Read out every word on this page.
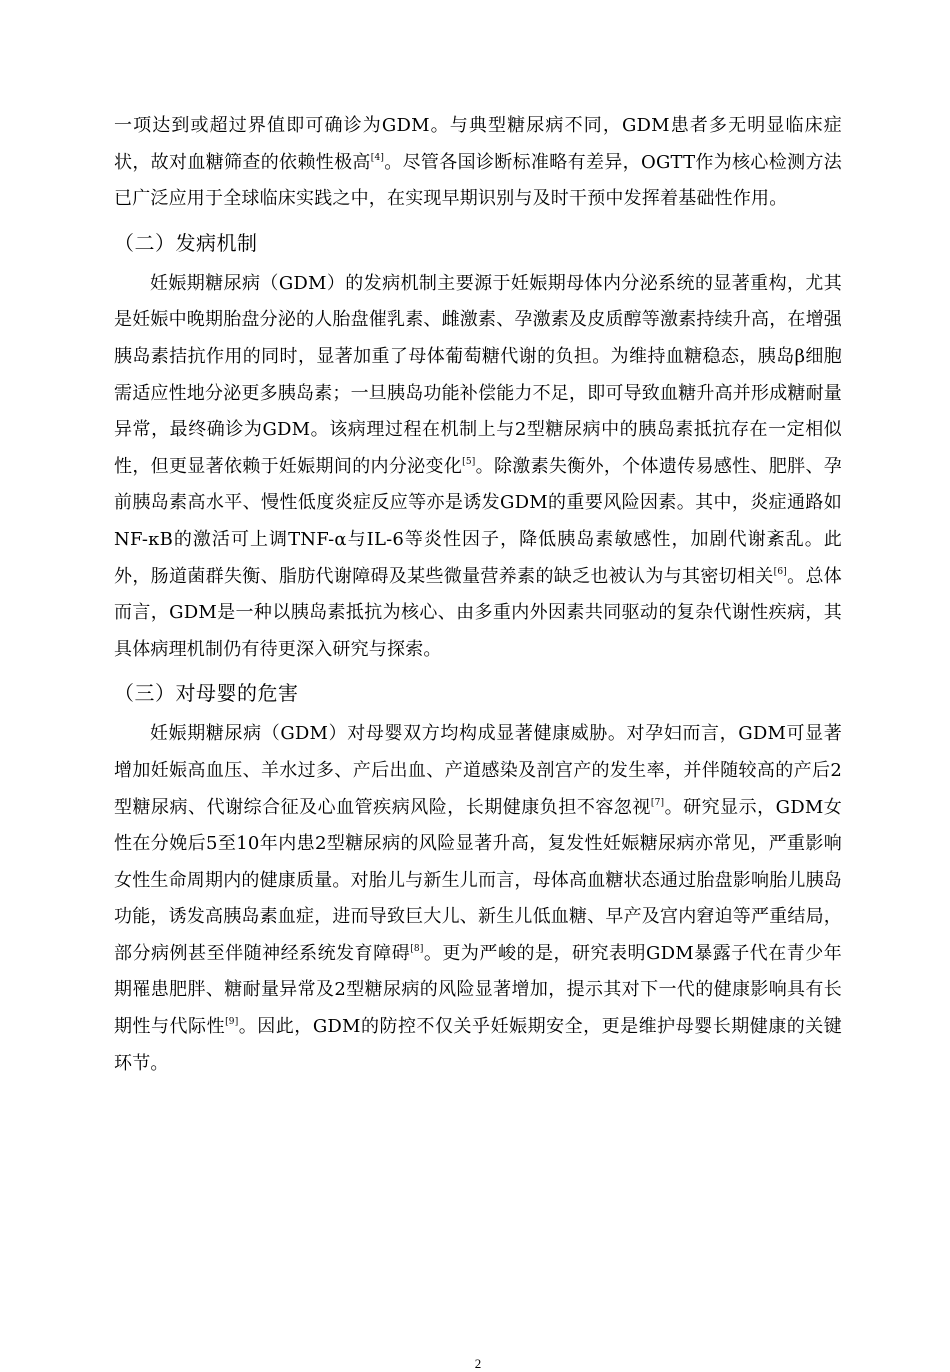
一项达到或超过界值即可确诊为GDM。与典型糖尿病不同，GDM患者多无明显临床症状，故对血糖筛查的依赖性极高[4]。尽管各国诊断标准略有差异，OGTT作为核心检测方法已广泛应用于全球临床实践之中，在实现早期识别与及时干预中发挥着基础性作用。

（二）发病机制

妊娠期糖尿病（GDM）的发病机制主要源于妊娠期母体内分泌系统的显著重构，尤其是妊娠中晚期胎盘分泌的人胎盘催乳素、雌激素、孕激素及皮质醇等激素持续升高，在增强胰岛素拮抗作用的同时，显著加重了母体葡萄糖代谢的负担。为维持血糖稳态，胰岛β细胞需适应性地分泌更多胰岛素；一旦胰岛功能补偿能力不足，即可导致血糖升高并形成糖耐量异常，最终确诊为GDM。该病理过程在机制上与2型糖尿病中的胰岛素抵抗存在一定相似性，但更显著依赖于妊娠期间的内分泌变化[5]。除激素失衡外，个体遗传易感性、肥胖、孕前胰岛素高水平、慢性低度炎症反应等亦是诱发GDM的重要风险因素。其中，炎症通路如NF-κB的激活可上调TNF-α与IL-6等炎性因子，降低胰岛素敏感性，加剧代谢紊乱。此外，肠道菌群失衡、脂肪代谢障碍及某些微量营养素的缺乏也被认为与其密切相关[6]。总体而言，GDM是一种以胰岛素抵抗为核心、由多重内外因素共同驱动的复杂代谢性疾病，其具体病理机制仍有待更深入研究与探索。

（三）对母婴的危害

妊娠期糖尿病（GDM）对母婴双方均构成显著健康威胁。对孕妇而言，GDM可显著增加妊娠高血压、羊水过多、产后出血、产道感染及剖宫产的发生率，并伴随较高的产后2型糖尿病、代谢综合征及心血管疾病风险，长期健康负担不容忽视[7]。研究显示，GDM女性在分娩后5至10年内患2型糖尿病的风险显著升高，复发性妊娠糖尿病亦常见，严重影响女性生命周期内的健康质量。对胎儿与新生儿而言，母体高血糖状态通过胎盘影响胎儿胰岛功能，诱发高胰岛素血症，进而导致巨大儿、新生儿低血糖、早产及宫内窘迫等严重结局，部分病例甚至伴随神经系统发育障碍[8]。更为严峻的是，研究表明GDM暴露子代在青少年期罹患肥胖、糖耐量异常及2型糖尿病的风险显著增加，提示其对下一代的健康影响具有长期性与代际性[9]。因此，GDM的防控不仅关乎妊娠期安全，更是维护母婴长期健康的关键环节。

2
